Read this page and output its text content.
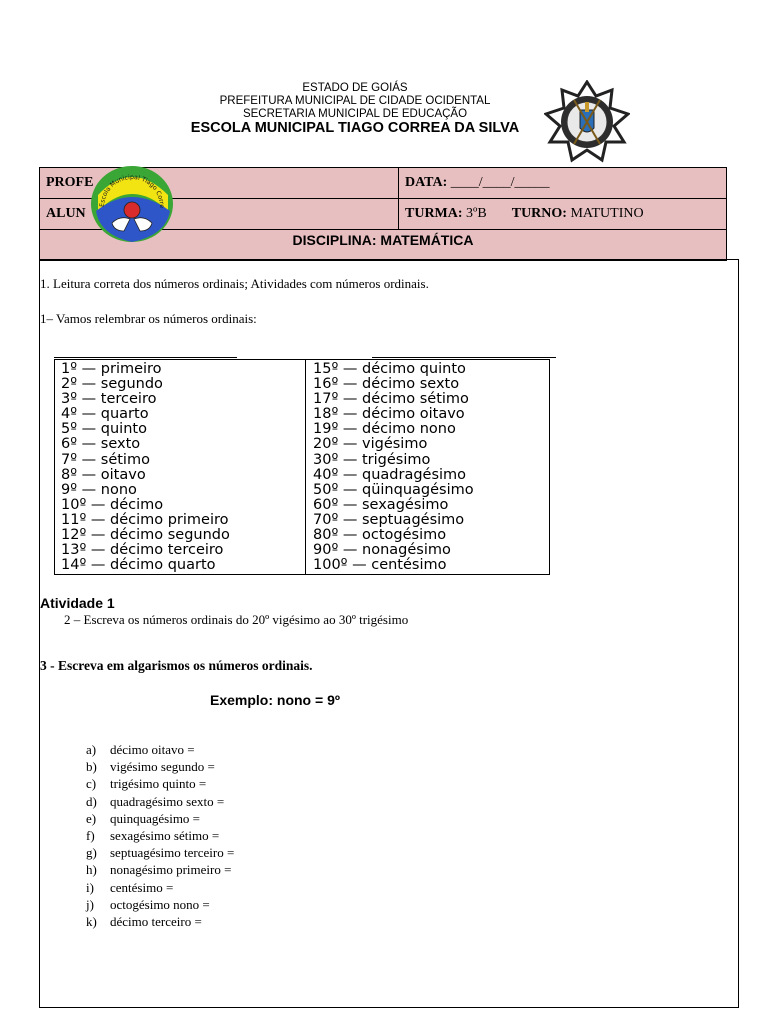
ESTADO DE GOIÁS
PREFEITURA MUNICIPAL DE CIDADE OCIDENTAL
SECRETARIA MUNICIPAL DE EDUCAÇÃO
ESCOLA MUNICIPAL TIAGO CORREA DA SILVA
PROFE	DATA: ____/____/_____
ALUN	TURMA: 3ºB TURNO: MATUTINO
DISCIPLINA: MATEMÁTICA	
Escola Municipal Tiago Corre
1. Leitura correta dos números ordinais; Atividades com números ordinais.
1– Vamos relembrar os números ordinais:
1º — primeiro
2º — segundo
3º — terceiro
4º — quarto
5º — quinto
6º — sexto
7º — sétimo
8º — oitavo
9º — nono
10º — décimo
11º — décimo primeiro
12º — décimo segundo
13º — décimo terceiro
14º — décimo quarto
15º — décimo quinto
16º — décimo sexto
17º — décimo sétimo
18º — décimo oitavo
19º — décimo nono
20º — vigésimo
30º — trigésimo
40º — quadragésimo
50º — qüinquagésimo
60º — sexagésimo
70º — septuagésimo
80º — octogésimo
90º — nonagésimo
100º — centésimo
Atividade 1
2 – Escreva os números ordinais do 20º vigésimo ao 30º trigésimo
3 - Escreva em algarismos os números ordinais.
Exemplo: nono = 9º
a) décimo oitavo =
b) vigésimo segundo =
c) trigésimo quinto =
d) quadragésimo sexto =
e) quinquagésimo =
f) sexagésimo sétimo =
g) septuagésimo terceiro =
h) nonagésimo primeiro =
i) centésimo =
j) octogésimo nono =
k) décimo terceiro =
